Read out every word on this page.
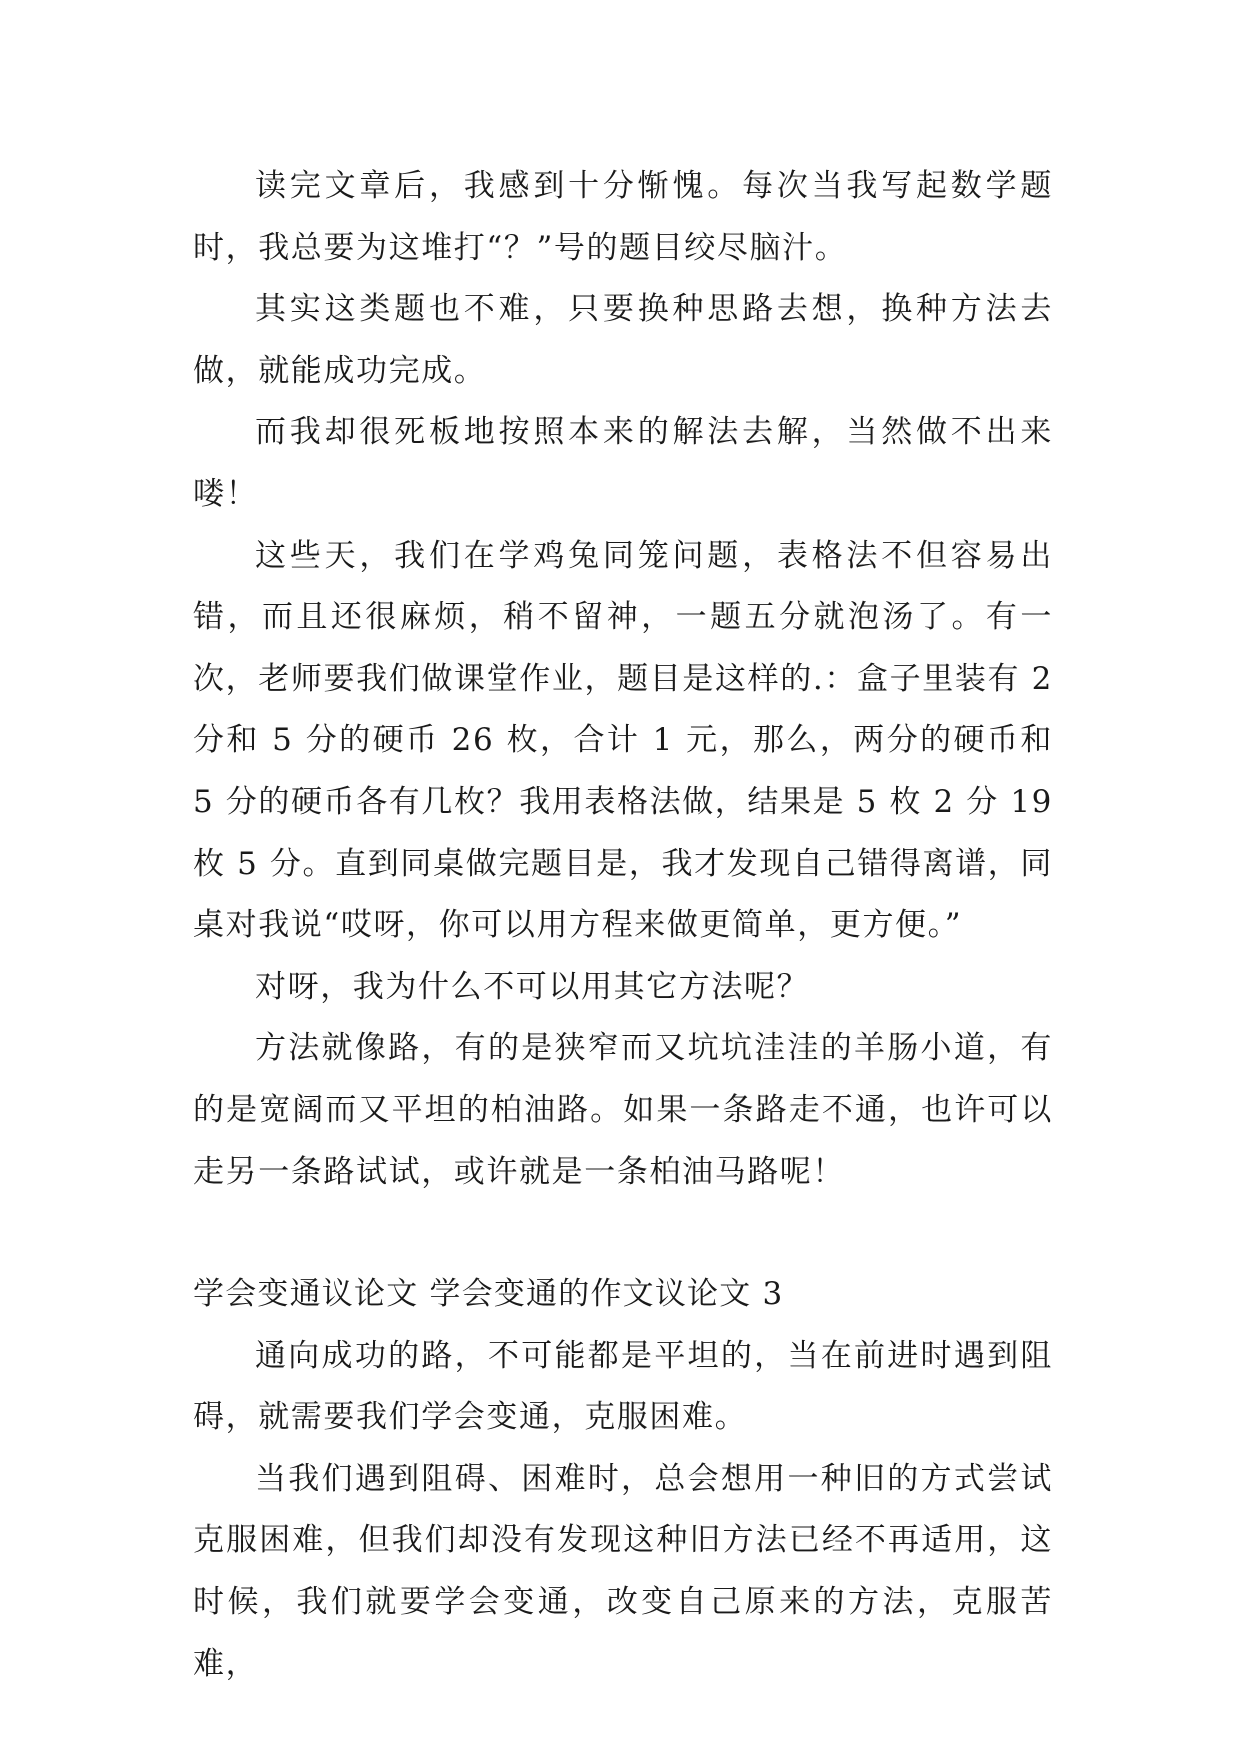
读完文章后，我感到十分惭愧。每次当我写起数学题时，我总要为这堆打“？”号的题目绞尽脑汁。

其实这类题也不难，只要换种思路去想，换种方法去做，就能成功完成。

而我却很死板地按照本来的解法去解，当然做不出来喽！

这些天，我们在学鸡兔同笼问题，表格法不但容易出错，而且还很麻烦，稍不留神，一题五分就泡汤了。有一次，老师要我们做课堂作业，题目是这样的.：盒子里装有 2 分和 5 分的硬币 26 枚，合计 1 元，那么，两分的硬币和 5 分的硬币各有几枚？我用表格法做，结果是 5 枚 2 分 19 枚 5 分。直到同桌做完题目是，我才发现自己错得离谱，同桌对我说“哎呀，你可以用方程来做更简单，更方便。”

对呀，我为什么不可以用其它方法呢？

方法就像路，有的是狭窄而又坑坑洼洼的羊肠小道，有的是宽阔而又平坦的柏油路。如果一条路走不通，也许可以走另一条路试试，或许就是一条柏油马路呢！

学会变通议论文 学会变通的作文议论文 3

通向成功的路，不可能都是平坦的，当在前进时遇到阻碍，就需要我们学会变通，克服困难。

当我们遇到阻碍、困难时，总会想用一种旧的方式尝试克服困难，但我们却没有发现这种旧方法已经不再适用，这时候，我们就要学会变通，改变自己原来的方法，克服苦难，
